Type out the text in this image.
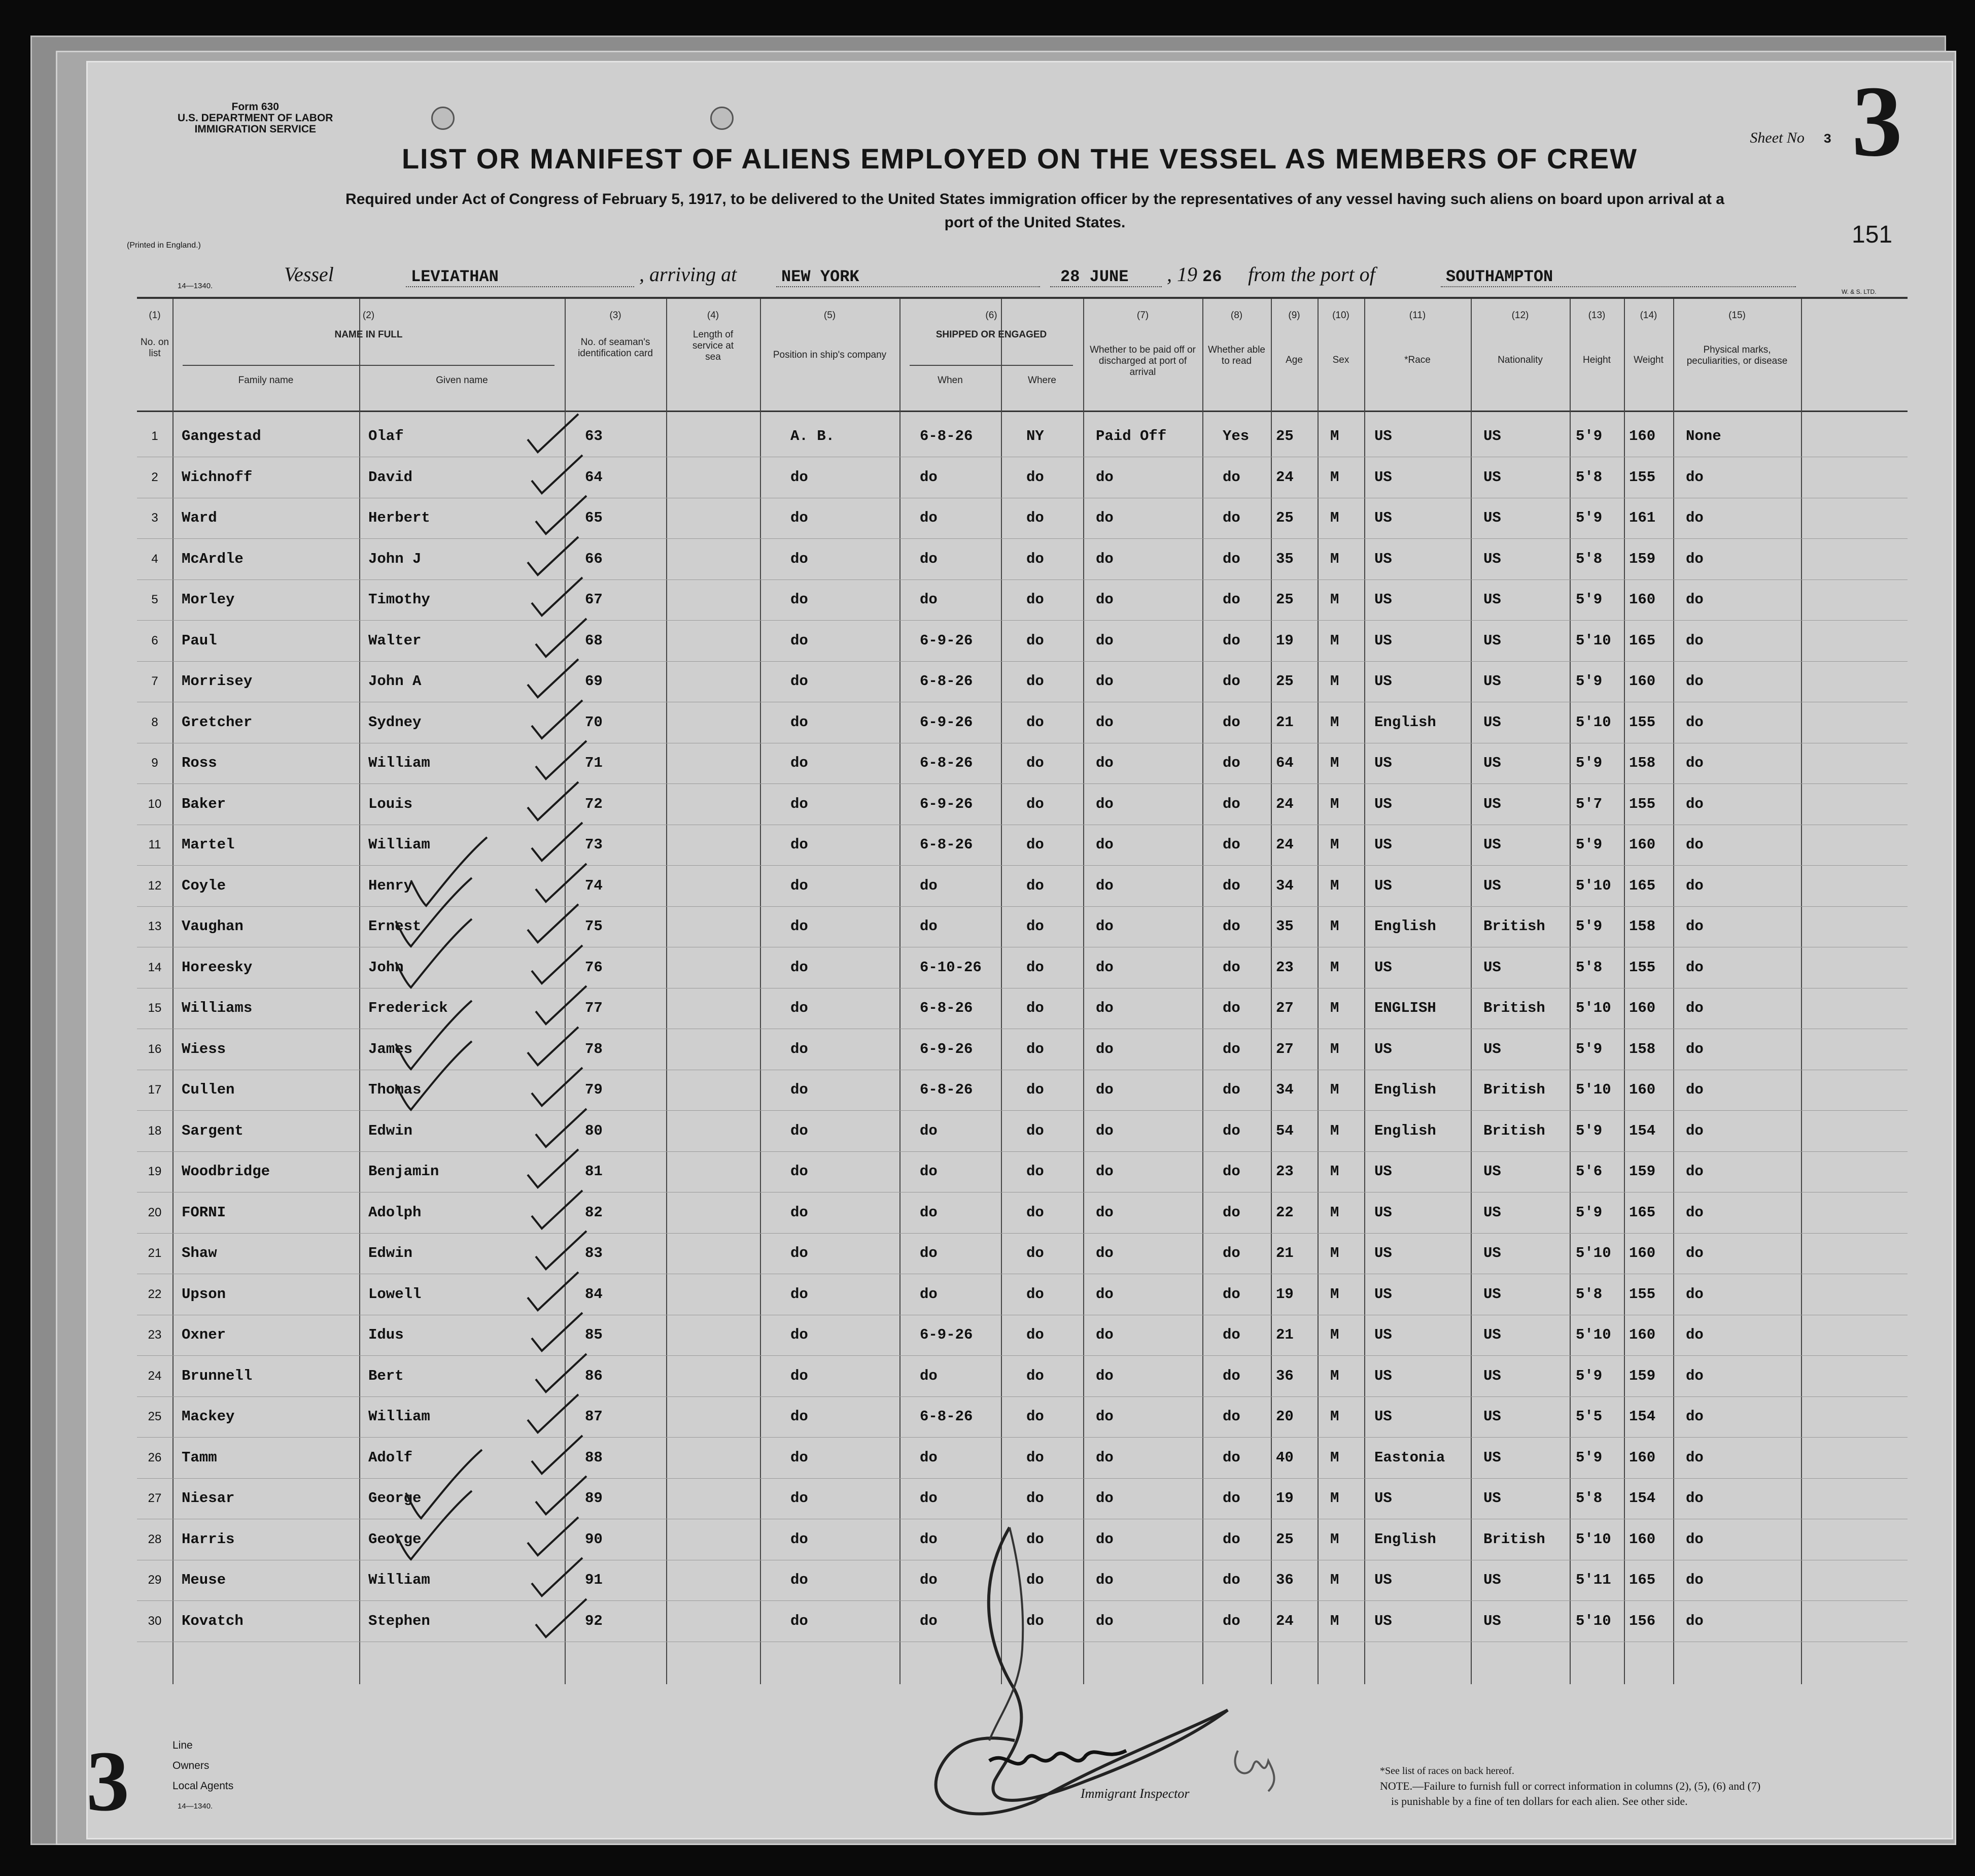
Form 630
U.S. DEPARTMENT OF LABOR
IMMIGRATION SERVICE
(Printed in England.)
14—1340.
W. & S. LTD.
LIST OR MANIFEST OF ALIENS EMPLOYED ON THE VESSEL AS MEMBERS OF CREW
Required under Act of Congress of February 5, 1917, to be delivered to the United States immigration officer by the representatives of any vessel having such aliens on board upon arrival at a
port of the United States.
Sheet No 3 3
151
Vessel	LEVIATHAN	, arriving at	NEW YORK	28 JUNE , 19 26 from the port of	SOUTHAMPTON
(1)
No. on list
(2)
NAME IN FULL
Family name	Given name
(3)
No. of seaman's identification card
(4)
Length of service at sea
(5)
Position in ship's company
(6)
SHIPPED OR ENGAGED
When	Where
(7)
Whether to be paid off or discharged at port of arrival
(8)
Whether able to read
(9)
Age
(10)
Sex
(11)
*Race
(12)
Nationality
(13)
Height
(14)
Weight
(15)
Physical marks, peculiarities, or disease
1	Gangestad	Olaf	63	A. B.	6-8-26	NY	Paid Off	Yes	25	M	US	US	5'9	160	None
2	Wichnoff	David	64	do	do	do	do	do	24	M	US	US	5'8	155	do
3	Ward	Herbert	65	do	do	do	do	do	25	M	US	US	5'9	161	do
4	McArdle	John J	66	do	do	do	do	do	35	M	US	US	5'8	159	do
5	Morley	Timothy	67	do	do	do	do	do	25	M	US	US	5'9	160	do
6	Paul	Walter	68	do	6-9-26	do	do	do	19	M	US	US	5'10	165	do
7	Morrisey	John A	69	do	6-8-26	do	do	do	25	M	US	US	5'9	160	do
8	Gretcher	Sydney	70	do	6-9-26	do	do	do	21	M	English	US	5'10	155	do
9	Ross	William	71	do	6-8-26	do	do	do	64	M	US	US	5'9	158	do
10	Baker	Louis	72	do	6-9-26	do	do	do	24	M	US	US	5'7	155	do
11	Martel	William	73	do	6-8-26	do	do	do	24	M	US	US	5'9	160	do
12	Coyle	Henry	74	do	do	do	do	do	34	M	US	US	5'10	165	do
13	Vaughan	Ernest	75	do	do	do	do	do	35	M	English	British	5'9	158	do
14	Horeesky	John	76	do	6-10-26	do	do	do	23	M	US	US	5'8	155	do
15	Williams	Frederick	77	do	6-8-26	do	do	do	27	M	ENGLISH	British	5'10	160	do
16	Wiess	James	78	do	6-9-26	do	do	do	27	M	US	US	5'9	158	do
17	Cullen	Thomas	79	do	6-8-26	do	do	do	34	M	English	British	5'10	160	do
18	Sargent	Edwin	80	do	do	do	do	do	54	M	English	British	5'9	154	do
19	Woodbridge	Benjamin	81	do	do	do	do	do	23	M	US	US	5'6	159	do
20	FORNI	Adolph	82	do	do	do	do	do	22	M	US	US	5'9	165	do
21	Shaw	Edwin	83	do	do	do	do	do	21	M	US	US	5'10	160	do
22	Upson	Lowell	84	do	do	do	do	do	19	M	US	US	5'8	155	do
23	Oxner	Idus	85	do	6-9-26	do	do	do	21	M	US	US	5'10	160	do
24	Brunnell	Bert	86	do	do	do	do	do	36	M	US	US	5'9	159	do
25	Mackey	William	87	do	6-8-26	do	do	do	20	M	US	US	5'5	154	do
26	Tamm	Adolf	88	do	do	do	do	do	40	M	Eastonia	US	5'9	160	do
27	Niesar	George	89	do	do	do	do	do	19	M	US	US	5'8	154	do
28	Harris	George	90	do	do	do	do	do	25	M	English	British	5'10	160	do
29	Meuse	William	91	do	do	do	do	do	36	M	US	US	5'11	165	do
30	Kovatch	Stephen	92	do	do	do	do	do	24	M	US	US	5'10	156	do
Line
Owners
Local Agents
14—1340.
3	Immigrant Inspector
*See list of races on back hereof.
NOTE.—Failure to furnish full or correct information in columns (2), (5), (6) and (7)
is punishable by a fine of ten dollars for each alien. See other side.
